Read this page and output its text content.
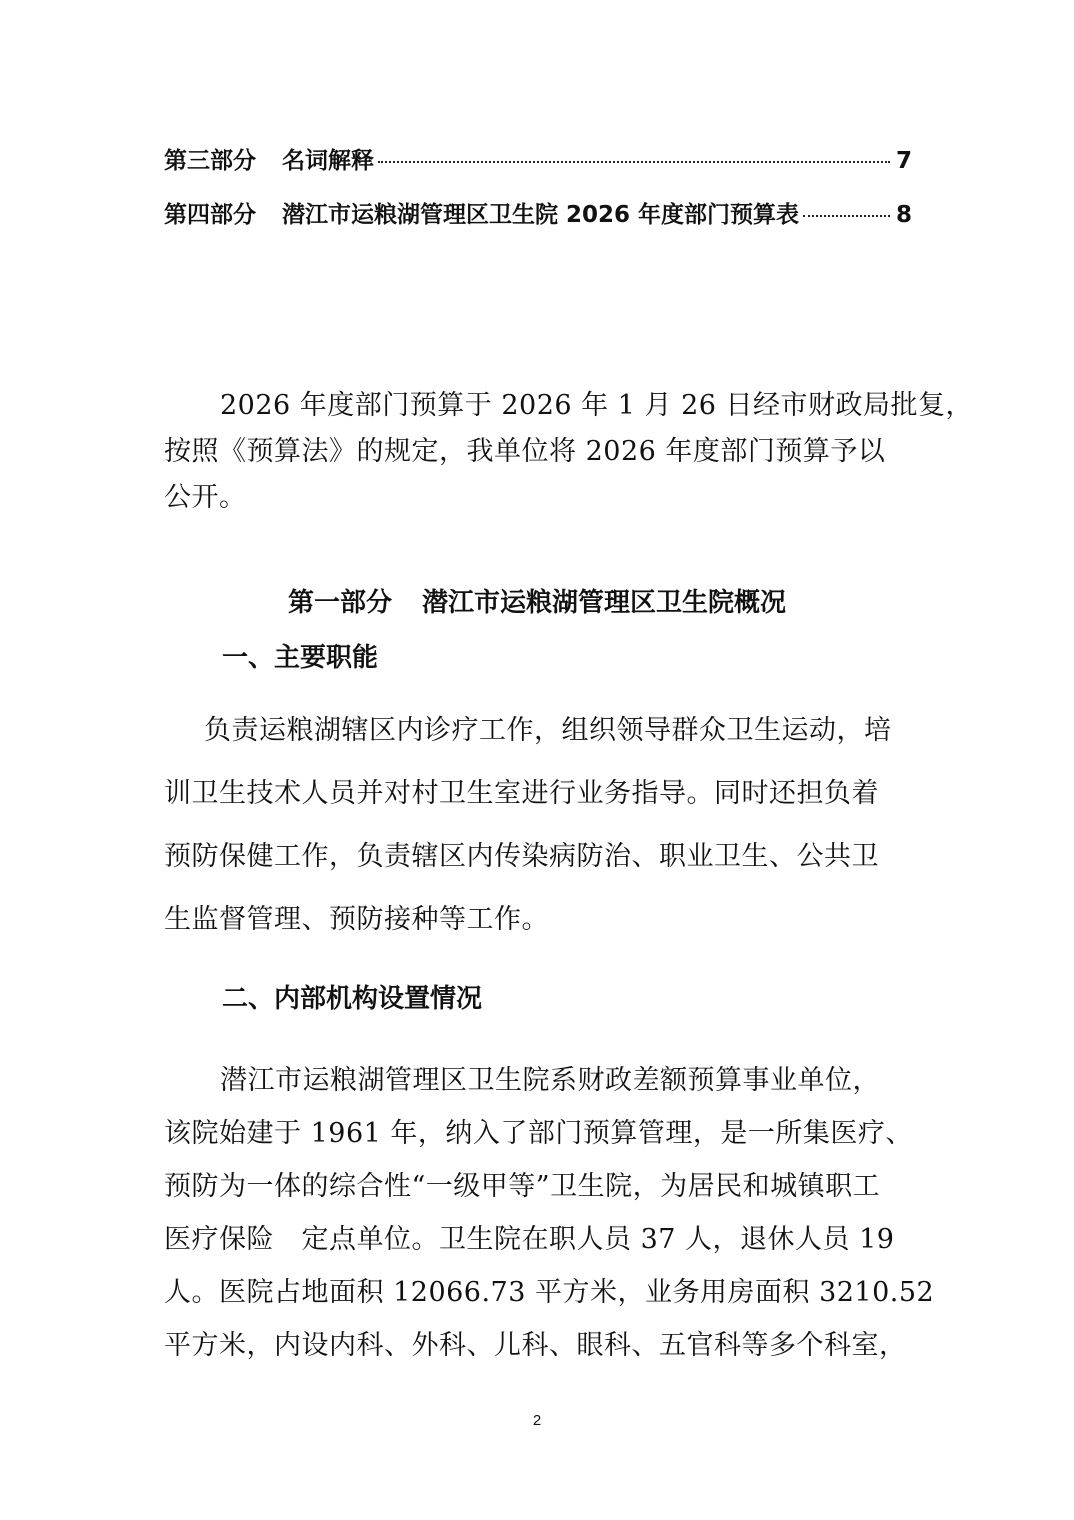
第三部分 名词解释	7
第四部分 潜江市运粮湖管理区卫生院 2026 年度部门预算表	8
2026 年度部门预算于 2026 年 1 月 26 日经市财政局批复，
按照《预算法》的规定，我单位将 2026 年度部门预算予以
公开。
第一部分 潜江市运粮湖管理区卫生院概况
一、主要职能
负责运粮湖辖区内诊疗工作，组织领导群众卫生运动，培
训卫生技术人员并对村卫生室进行业务指导。同时还担负着
预防保健工作，负责辖区内传染病防治、职业卫生、公共卫
生监督管理、预防接种等工作。
二、内部机构设置情况
潜江市运粮湖管理区卫生院系财政差额预算事业单位，
该院始建于 1961 年，纳入了部门预算管理，是一所集医疗、
预防为一体的综合性“一级甲等”卫生院，为居民和城镇职工
医疗保险　定点单位。卫生院在职人员 37 人，退休人员 19
人。医院占地面积 12066.73 平方米，业务用房面积 3210.52
平方米，内设内科、外科、儿科、眼科、五官科等多个科室，
2
